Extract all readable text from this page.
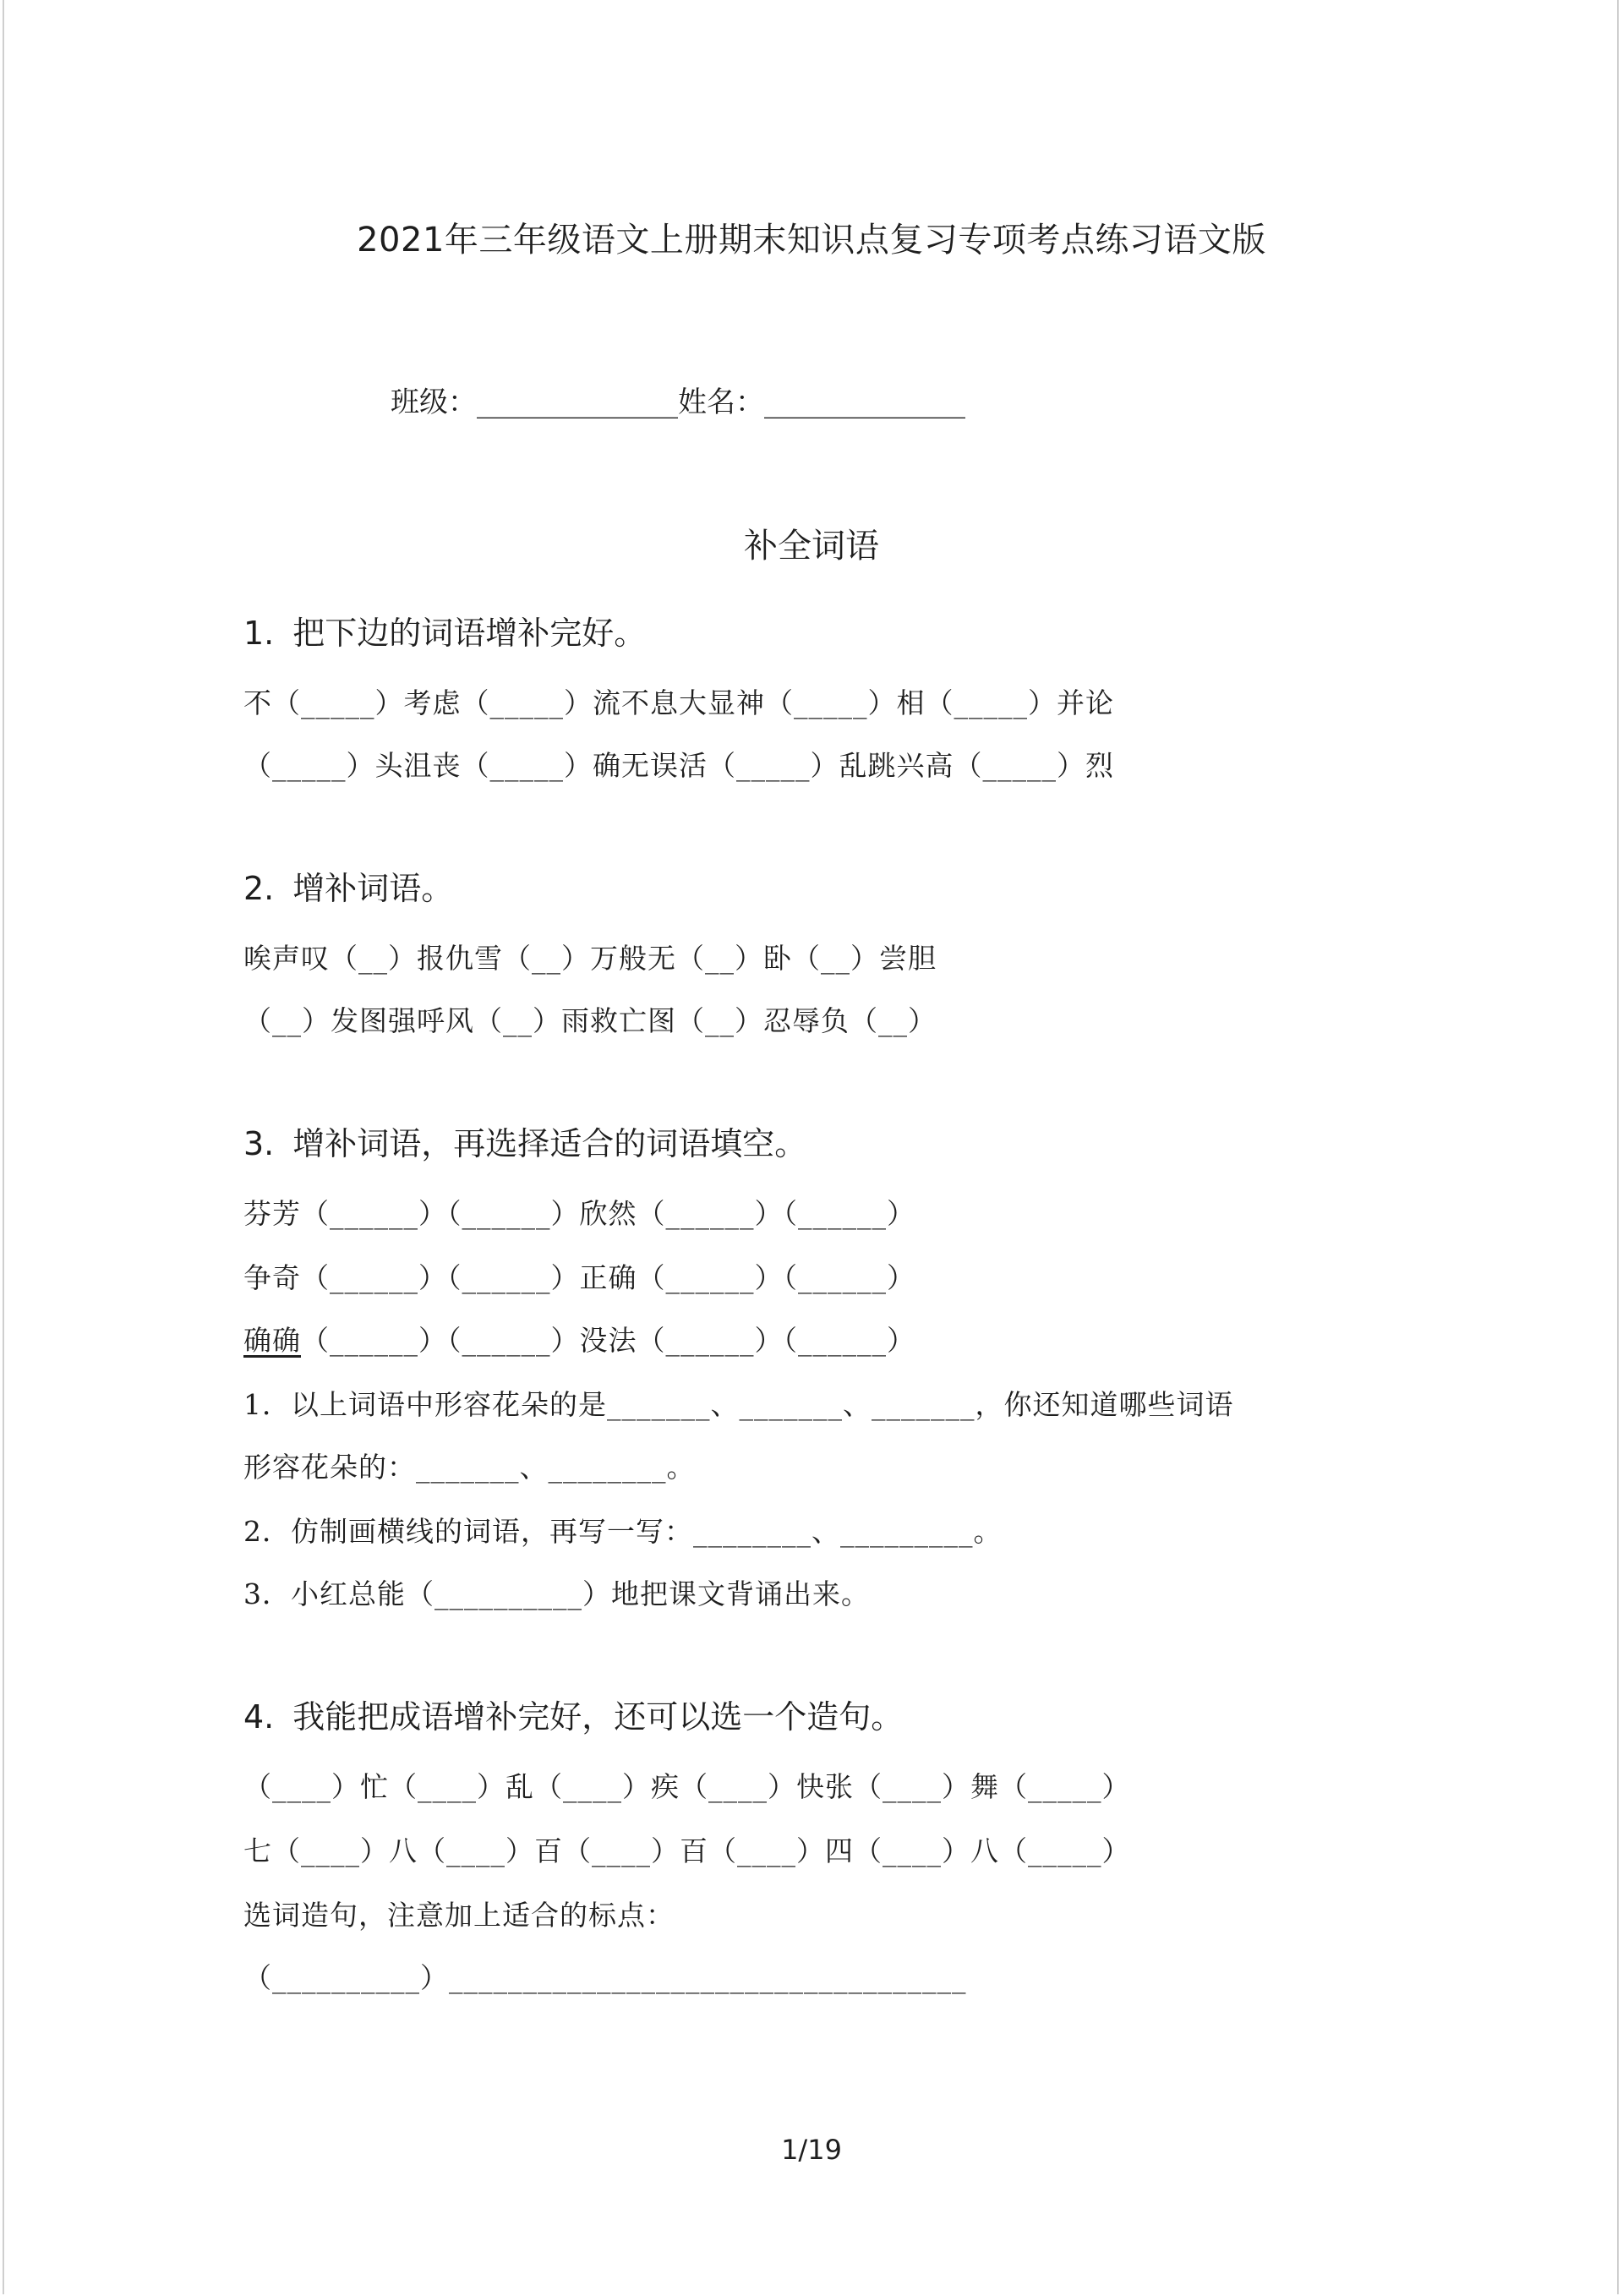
2021年三年级语文上册期末知识点复习专项考点练习语文版
班级：______________姓名：______________
补全词语
1. 把下边的词语增补完好。
不（_____）考虑（_____）流不息大显神（_____）相（_____）并论
（_____）头沮丧（_____）确无误活（_____）乱跳兴高（_____）烈
2. 增补词语。
唉声叹（__）报仇雪（__）万般无（__）卧（__）尝胆
（__）发图强呼风（__）雨救亡图（__）忍辱负（__）
3. 增补词语，再选择适合的词语填空。
芬芳（______）（______）欣然（______）（______）
争奇（______）（______）正确（______）（______）
确确（______）（______）没法（______）（______）
1．以上词语中形容花朵的是_______、_______、_______，你还知道哪些词语
形容花朵的：_______、________。
2．仿制画横线的词语，再写一写：________、_________。
3．小红总能（__________）地把课文背诵出来。
4. 我能把成语增补完好，还可以选一个造句。
（____）忙（____）乱（____）疾（____）快张（____）舞（_____）
七（____）八（____）百（____）百（____）四（____）八（_____）
选词造句，注意加上适合的标点：
（__________）___________________________________
1/19
